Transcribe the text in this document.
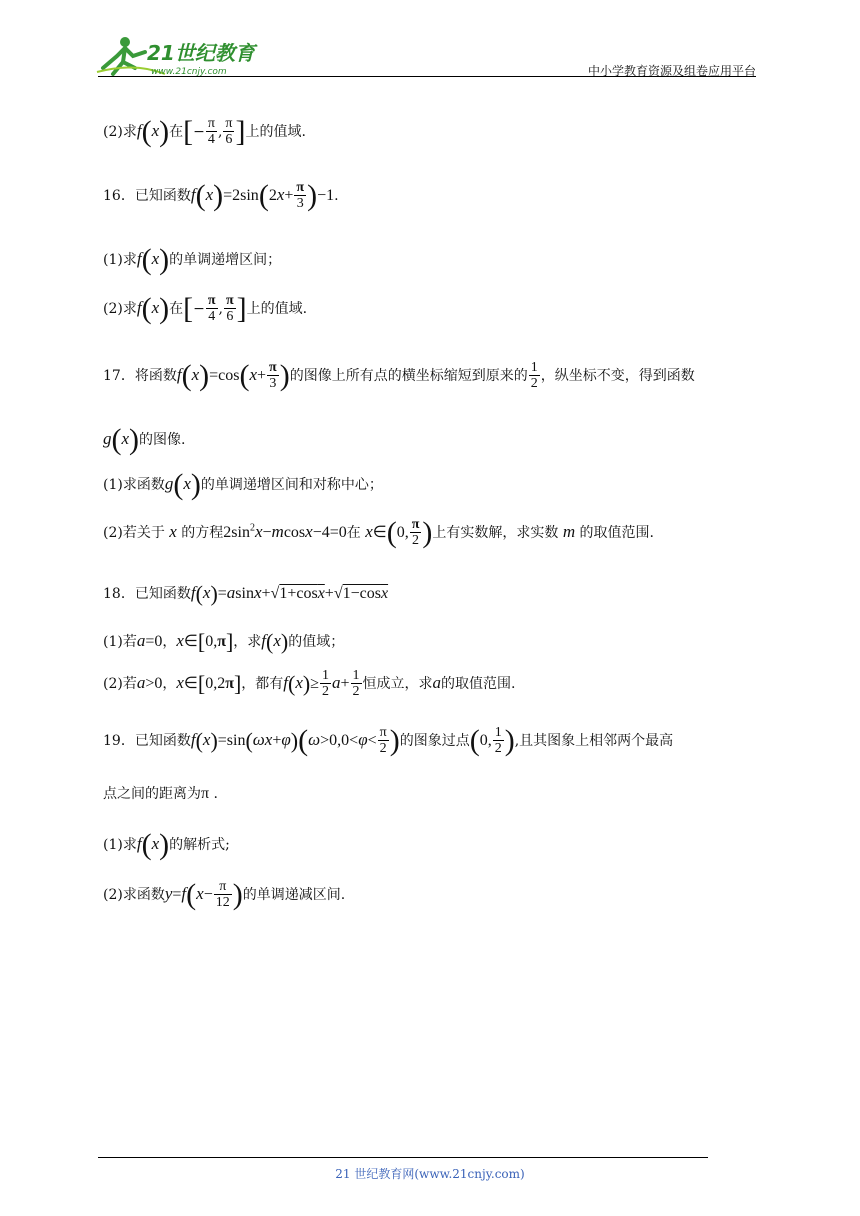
21世纪教育
www.21cnjy.com	中小学教育资源及组卷应用平台
(2)求f(x)在[− $\frac{\pi}{4}$ , $\frac{\pi}{6}$ ]上的值域.
16．已知函数$f(x)=2\sin(2x+ \frac{\pi}{3} )-1$.
(1)求f(x)的单调递增区间；
(2)求f(x)在[− $\frac{\pi}{4}$ , $\frac{\pi}{6}$ ]上的值域.
17．将函数$f(x)=\cos(x+ \frac{\pi}{3}$ )的图像上所有点的横坐标缩短到原来的 $\frac{1}{2}$ ，纵坐标不变，得到函数
g(x)的图像.
(1)求函数g(x)的单调递增区间和对称中心；
(2)若关于 x 的方程$2\sin^2x-mcosx-4=0$在 x∈(0, $\frac{\pi}{2}$ )上有实数解，求实数 m 的取值范围.
18．已知函数f(x)=asinx+√1+cosx+√1−cosx
(1)若a=0，x∈[0,π]，求f(x)的值域；
(2)若a>0，x∈[0,2π]，都有$f(x)\ge \frac{1}{2} a+ \frac{1}{2}$ 恒成立，求a的取值范围.
19．已知函数$f(x)=\sin(\omega x+\varphi)(\omega>0,0<\varphi< \frac{\pi}{2}$ )的图象过点(0, $\frac{1}{2}$ ),且其图象上相邻两个最高
点之间的距离为π .
(1)求f(x)的解析式;
(2)求函数$y=f(x- \frac{\pi}{12}$ )的单调递减区间.
21 世纪教育网(www.21cnjy.com)
